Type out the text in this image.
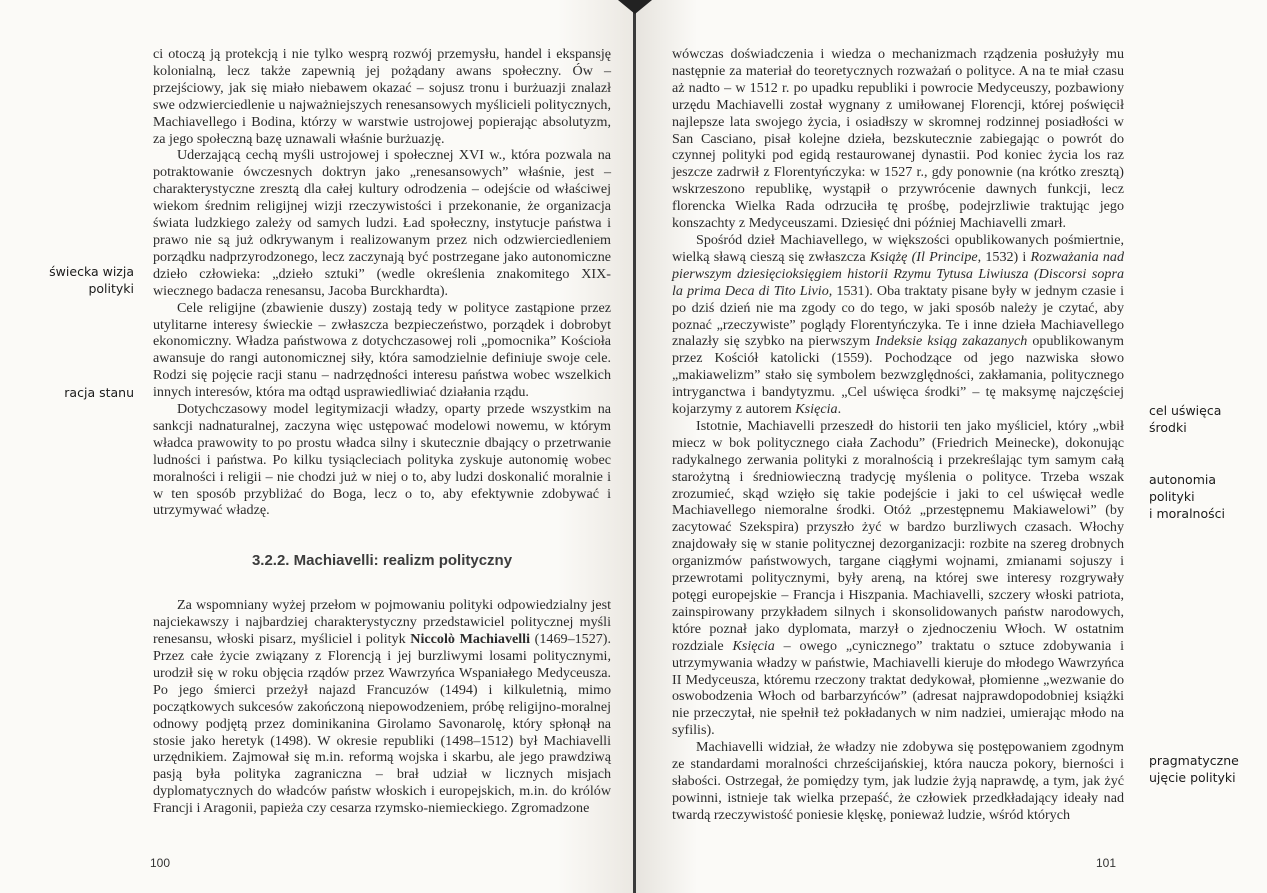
ci otoczą ją protekcją i nie tylko wesprą rozwój przemysłu, handel i ekspansję kolonialną, lecz także zapewnią jej pożądany awans społeczny. Ów – przejściowy, jak się miało niebawem okazać – sojusz tronu i burżuazji znalazł swe odzwierciedlenie u najważniejszych renesansowych myślicieli politycznych, Machiavellego i Bodina, którzy w warstwie ustrojowej popierając absolutyzm, za jego społeczną bazę uznawali właśnie burżuazję.

Uderzającą cechą myśli ustrojowej i społecznej XVI w., która pozwala na potraktowanie ówczesnych doktryn jako „renesansowych” właśnie, jest – charakterystyczne zresztą dla całej kultury odrodzenia – odejście od właściwej wiekom średnim religijnej wizji rzeczywistości i przekonanie, że organizacja świata ludzkiego zależy od samych ludzi. Ład społeczny, instytucje państwa i prawo nie są już odkrywanym i realizowanym przez nich odzwierciedleniem porządku nadprzyrodzonego, lecz zaczynają być postrzegane jako autonomiczne dzieło człowieka: „dzieło sztuki” (wedle określenia znakomitego XIX-wiecznego badacza renesansu, Jacoba Burckhardta).

Cele religijne (zbawienie duszy) zostają tedy w polityce zastąpione przez utylitarne interesy świeckie – zwłaszcza bezpieczeństwo, porządek i dobrobyt ekonomiczny. Władza państwowa z dotychczasowej roli „pomocnika” Kościoła awansuje do rangi autonomicznej siły, która samodzielnie definiuje swoje cele. Rodzi się pojęcie racji stanu – nadrzędności interesu państwa wobec wszelkich innych interesów, która ma odtąd usprawiedliwiać działania rządu.

Dotychczasowy model legitymizacji władzy, oparty przede wszystkim na sankcji nadnaturalnej, zaczyna więc ustępować modelowi nowemu, w którym władca prawowity to po prostu władca silny i skutecznie dbający o przetrwanie ludności i państwa. Po kilku tysiącleciach polityka zyskuje autonomię wobec moralności i religii – nie chodzi już w niej o to, aby ludzi doskonalić moralnie i w ten sposób przybliżać do Boga, lecz o to, aby efektywnie zdobywać i utrzymywać władzę.

3.2.2. Machiavelli: realizm polityczny

Za wspomniany wyżej przełom w pojmowaniu polityki odpowiedzialny jest najciekawszy i najbardziej charakterystyczny przedstawiciel politycznej myśli renesansu, włoski pisarz, myśliciel i polityk Niccolò Machiavelli (1469–1527). Przez całe życie związany z Florencją i jej burzliwymi losami politycznymi, urodził się w roku objęcia rządów przez Wawrzyńca Wspaniałego Medyceusza. Po jego śmierci przeżył najazd Francuzów (1494) i kilkuletnią, mimo początkowych sukcesów zakończoną niepowodzeniem, próbę religijno-moralnej odnowy podjętą przez dominikanina Girolamo Savonarolę, który spłonął na stosie jako heretyk (1498). W okresie republiki (1498–1512) był Machiavelli urzędnikiem. Zajmował się m.in. reformą wojska i skarbu, ale jego prawdziwą pasją była polityka zagraniczna – brał udział w licznych misjach dyplomatycznych do władców państw włoskich i europejskich, m.in. do królów Francji i Aragonii, papieża czy cesarza rzymsko-niemieckiego. Zgromadzone

świecka wizja
polityki
racja stanu
100

wówczas doświadczenia i wiedza o mechanizmach rządzenia posłużyły mu następnie za materiał do teoretycznych rozważań o polityce. A na te miał czasu aż nadto – w 1512 r. po upadku republiki i powrocie Medyceuszy, pozbawiony urzędu Machiavelli został wygnany z umiłowanej Florencji, której poświęcił najlepsze lata swojego życia, i osiadłszy w skromnej rodzinnej posiadłości w San Casciano, pisał kolejne dzieła, bezskutecznie zabiegając o powrót do czynnej polityki pod egidą restaurowanej dynastii. Pod koniec życia los raz jeszcze zadrwił z Florentyńczyka: w 1527 r., gdy ponownie (na krótko zresztą) wskrzeszono republikę, wystąpił o przywrócenie dawnych funkcji, lecz florencka Wielka Rada odrzuciła tę prośbę, podejrzliwie traktując jego konszachty z Medyceuszami. Dziesięć dni później Machiavelli zmarł.

Spośród dzieł Machiavellego, w większości opublikowanych pośmiertnie, wielką sławą cieszą się zwłaszcza Książę (Il Principe, 1532) i Rozważania nad pierwszym dziesięcioksięgiem historii Rzymu Tytusa Liwiusza (Discorsi sopra la prima Deca di Tito Livio, 1531). Oba traktaty pisane były w jednym czasie i po dziś dzień nie ma zgody co do tego, w jaki sposób należy je czytać, aby poznać „rzeczywiste” poglądy Florentyńczyka. Te i inne dzieła Machiavellego znalazły się szybko na pierwszym Indeksie ksiąg zakazanych opublikowanym przez Kościół katolicki (1559). Pochodzące od jego nazwiska słowo „makiawelizm” stało się symbolem bezwzględności, zakłamania, politycznego intryganctwa i bandytyzmu. „Cel uświęca środki” – tę maksymę najczęściej kojarzymy z autorem Księcia.

Istotnie, Machiavelli przeszedł do historii ten jako myśliciel, który „wbił miecz w bok politycznego ciała Zachodu” (Friedrich Meinecke), dokonując radykalnego zerwania polityki z moralnością i przekreślając tym samym całą starożytną i średniowieczną tradycję myślenia o polityce. Trzeba wszak zrozumieć, skąd wzięło się takie podejście i jaki to cel uświęcał wedle Machiavellego niemoralne środki. Otóż „przestępnemu Makiawelowi” (by zacytować Szekspira) przyszło żyć w bardzo burzliwych czasach. Włochy znajdowały się w stanie politycznej dezorganizacji: rozbite na szereg drobnych organizmów państwowych, targane ciągłymi wojnami, zmianami sojuszy i przewrotami politycznymi, były areną, na której swe interesy rozgrywały potęgi europejskie – Francja i Hiszpania. Machiavelli, szczery włoski patriota, zainspirowany przykładem silnych i skonsolidowanych państw narodowych, które poznał jako dyplomata, marzył o zjednoczeniu Włoch. W ostatnim rozdziale Księcia – owego „cynicznego” traktatu o sztuce zdobywania i utrzymywania władzy w państwie, Machiavelli kieruje do młodego Wawrzyńca II Medyceusza, któremu rzeczony traktat dedykował, płomienne „wezwanie do oswobodzenia Włoch od barbarzyńców” (adresat najprawdopodobniej książki nie przeczytał, nie spełnił też pokładanych w nim nadziei, umierając młodo na syfilis).

Machiavelli widział, że władzy nie zdobywa się postępowaniem zgodnym ze standardami moralności chrześcijańskiej, która naucza pokory, bierności i słabości. Ostrzegał, że pomiędzy tym, jak ludzie żyją naprawdę, a tym, jak żyć powinni, istnieje tak wielka przepaść, że człowiek przedkładający ideały nad twardą rzeczywistość poniesie klęskę, ponieważ ludzie, wśród których

cel uświęca
środki
autonomia
polityki
i moralności
pragmatyczne
ujęcie polityki
101
